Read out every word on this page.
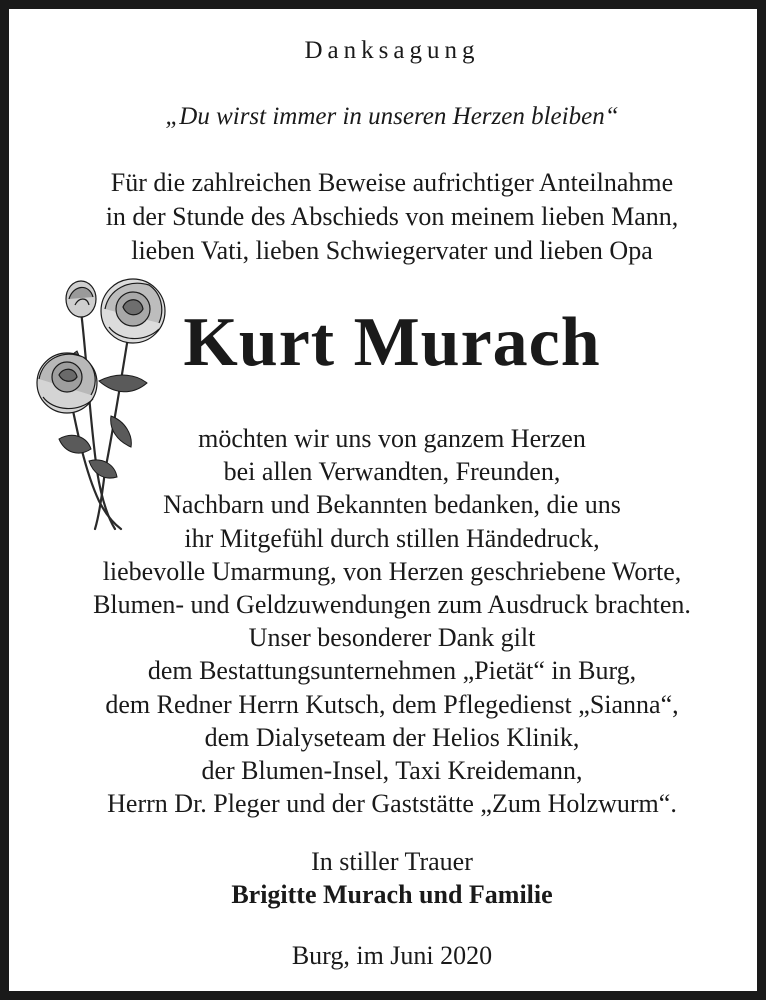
Danksagung

„Du wirst immer in unseren Herzen bleiben“

Für die zahlreichen Beweise aufrichtiger Anteilnahme
in der Stunde des Abschieds von meinem lieben Mann,
lieben Vati, lieben Schwiegervater und lieben Opa
Kurt Murach
möchten wir uns von ganzem Herzen
bei allen Verwandten, Freunden,
Nachbarn und Bekannten bedanken, die uns
ihr Mitgefühl durch stillen Händedruck,
liebevolle Umarmung, von Herzen geschriebene Worte,
Blumen- und Geldzuwendungen zum Ausdruck brachten.
Unser besonderer Dank gilt
dem Bestattungsunternehmen „Pietät“ in Burg,
dem Redner Herrn Kutsch, dem Pflegedienst „Sianna“,
dem Dialyseteam der Helios Klinik,
der Blumen-Insel, Taxi Kreidemann,
Herrn Dr. Pleger und der Gaststätte „Zum Holzwurm“.

In stiller Trauer

Brigitte Murach und Familie

Burg, im Juni 2020
